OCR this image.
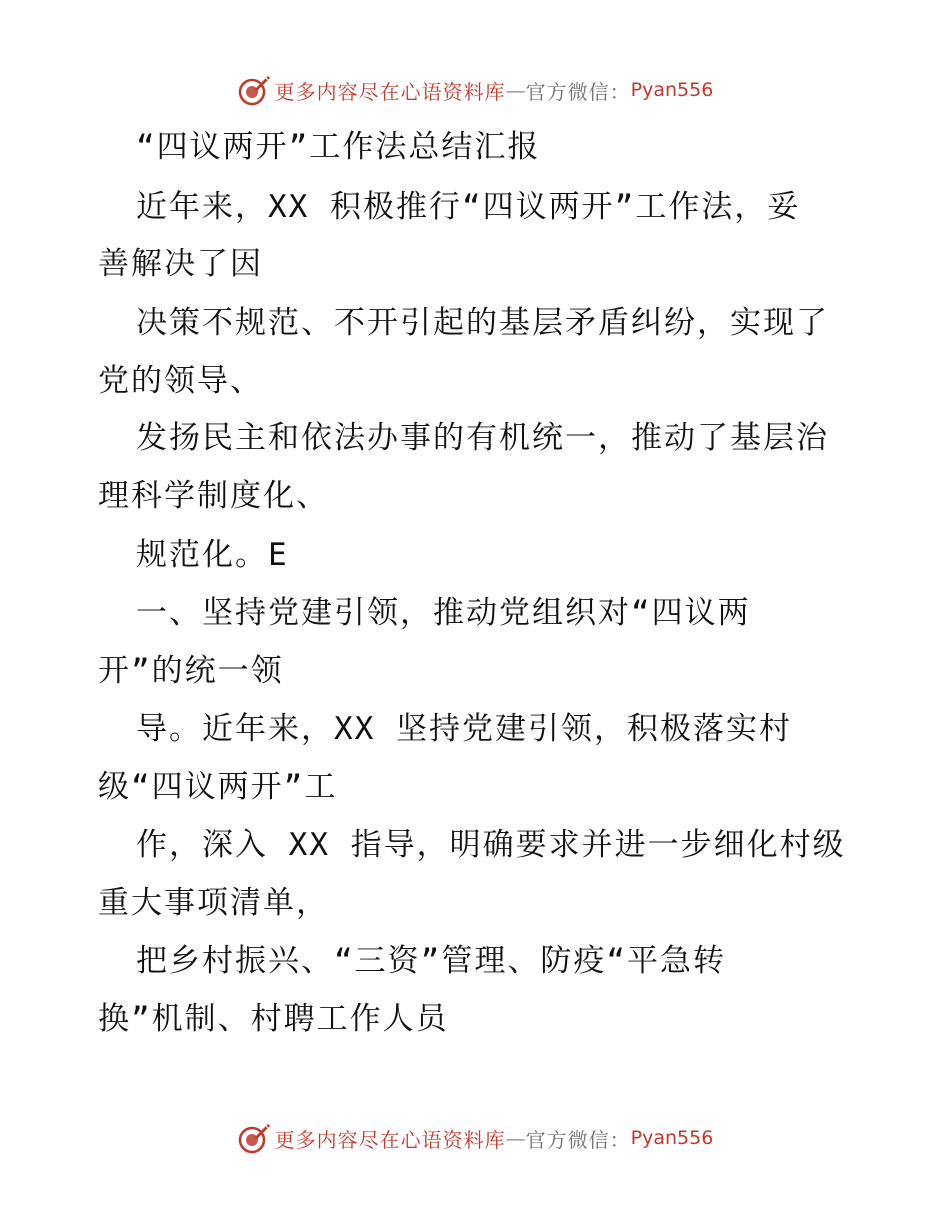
更多内容尽在心语资料库 — 官方微信： Pyan556
“四议两开”工作法总结汇报
近年来，XX 积极推行“四议两开”工作法，妥
善解决了因
决策不规范、不开引起的基层矛盾纠纷，实现了
党的领导、
发扬民主和依法办事的有机统一，推动了基层治
理科学制度化、
规范化。E
一、坚持党建引领，推动党组织对“四议两
开”的统一领
导。近年来，XX 坚持党建引领，积极落实村
级“四议两开”工
作，深入 XX 指导，明确要求并进一步细化村级
重大事项清单，
把乡村振兴、“三资”管理、防疫“平急转
换”机制、村聘工作人员
更多内容尽在心语资料库 — 官方微信： Pyan556
